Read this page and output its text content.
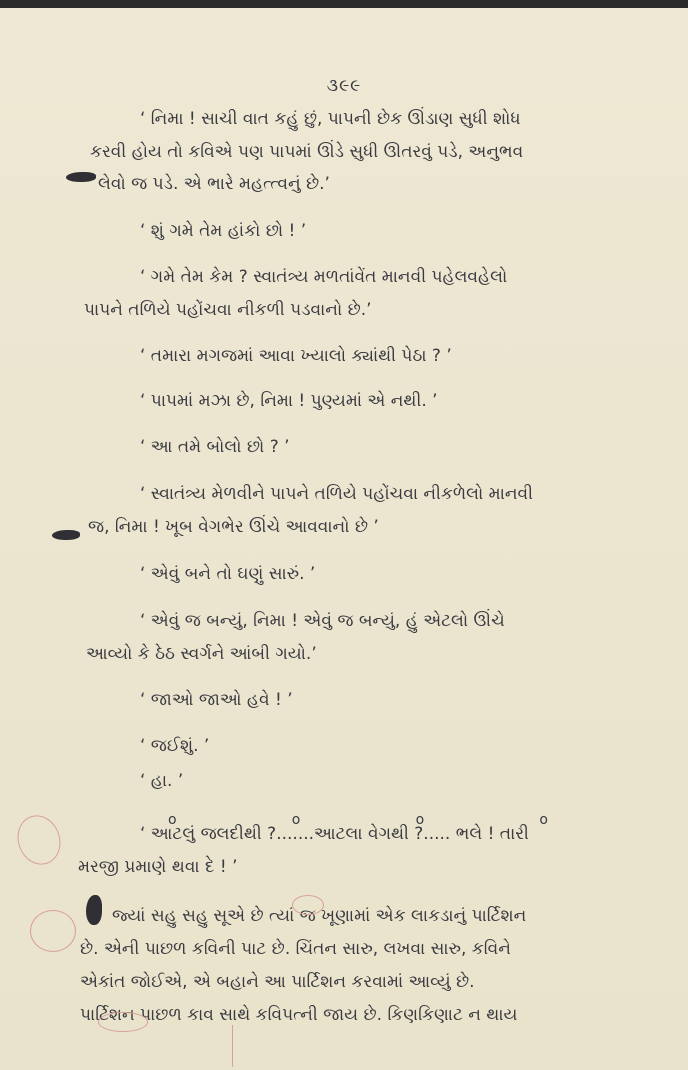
૩૯૯
‘ નિમા ! સાચી વાત કહું છું, પાપની છેક ઊંડાણ સુધી શોધ
કરવી હોય તો કવિએ પણ પાપમાં ઊંડે સુધી ઊતરવું પડે, અનુભવ
લેવો જ પડે. એ ભારે મહત્ત્વનું છે.’
‘ શું ગમે તેમ હાંકો છો ! ’
‘ ગમે તેમ કેમ ? સ્વાતંત્ર્ય મળતાંવેંત માનવી પહેલવહેલો
પાપને તળિયે પહોંચવા નીકળી પડવાનો છે.’
‘ તમારા મગજમાં આવા ખ્યાલો ક્યાંથી પેઠા ? ’
‘ પાપમાં મઝા છે, નિમા ! પુણ્યમાં એ નથી. ’
‘ આ તમે બોલો છો ? ’
‘ સ્વાતંત્ર્ય મેળવીને પાપને તળિયે પહોંચવા નીકળેલો માનવી
જ, નિમા ! ખૂબ વેગભેર ઊંચે આવવાનો છે ’
‘ એવું બને તો ઘણું સારું. ’
‘ એવું જ બન્યું, નિમા ! એવું જ બન્યું, હું એટલો ઊંચે
આવ્યો કે ઠેઠ સ્વર્ગને આંબી ગયો.’
‘ જાઓ જાઓ હવે ! ’
‘ જઈશું. ’
‘ હા. ’
‘ આટલું જલદીથી ?.......આટલા વેગથી ?..... ભલે ! તારી
મરજી પ્રમાણે થવા દે ! ’
o	o	o	o
જ્યાં સહુ સહુ સૂએ છે ત્યાં જ ખૂણામાં એક લાકડાનું પાર્ટિશન
છે. એની પાછળ કવિની પાટ છે. ચિંતન સારુ, લખવા સારુ, કવિને
એકાંત જોઈએ, એ બહાને આ પાર્ટિશન કરવામાં આવ્યું છે.
પાર્ટિશન પાછળ કાવ સાથે કવિપત્ની જાય છે. કિણકિણાટ ન થાય
